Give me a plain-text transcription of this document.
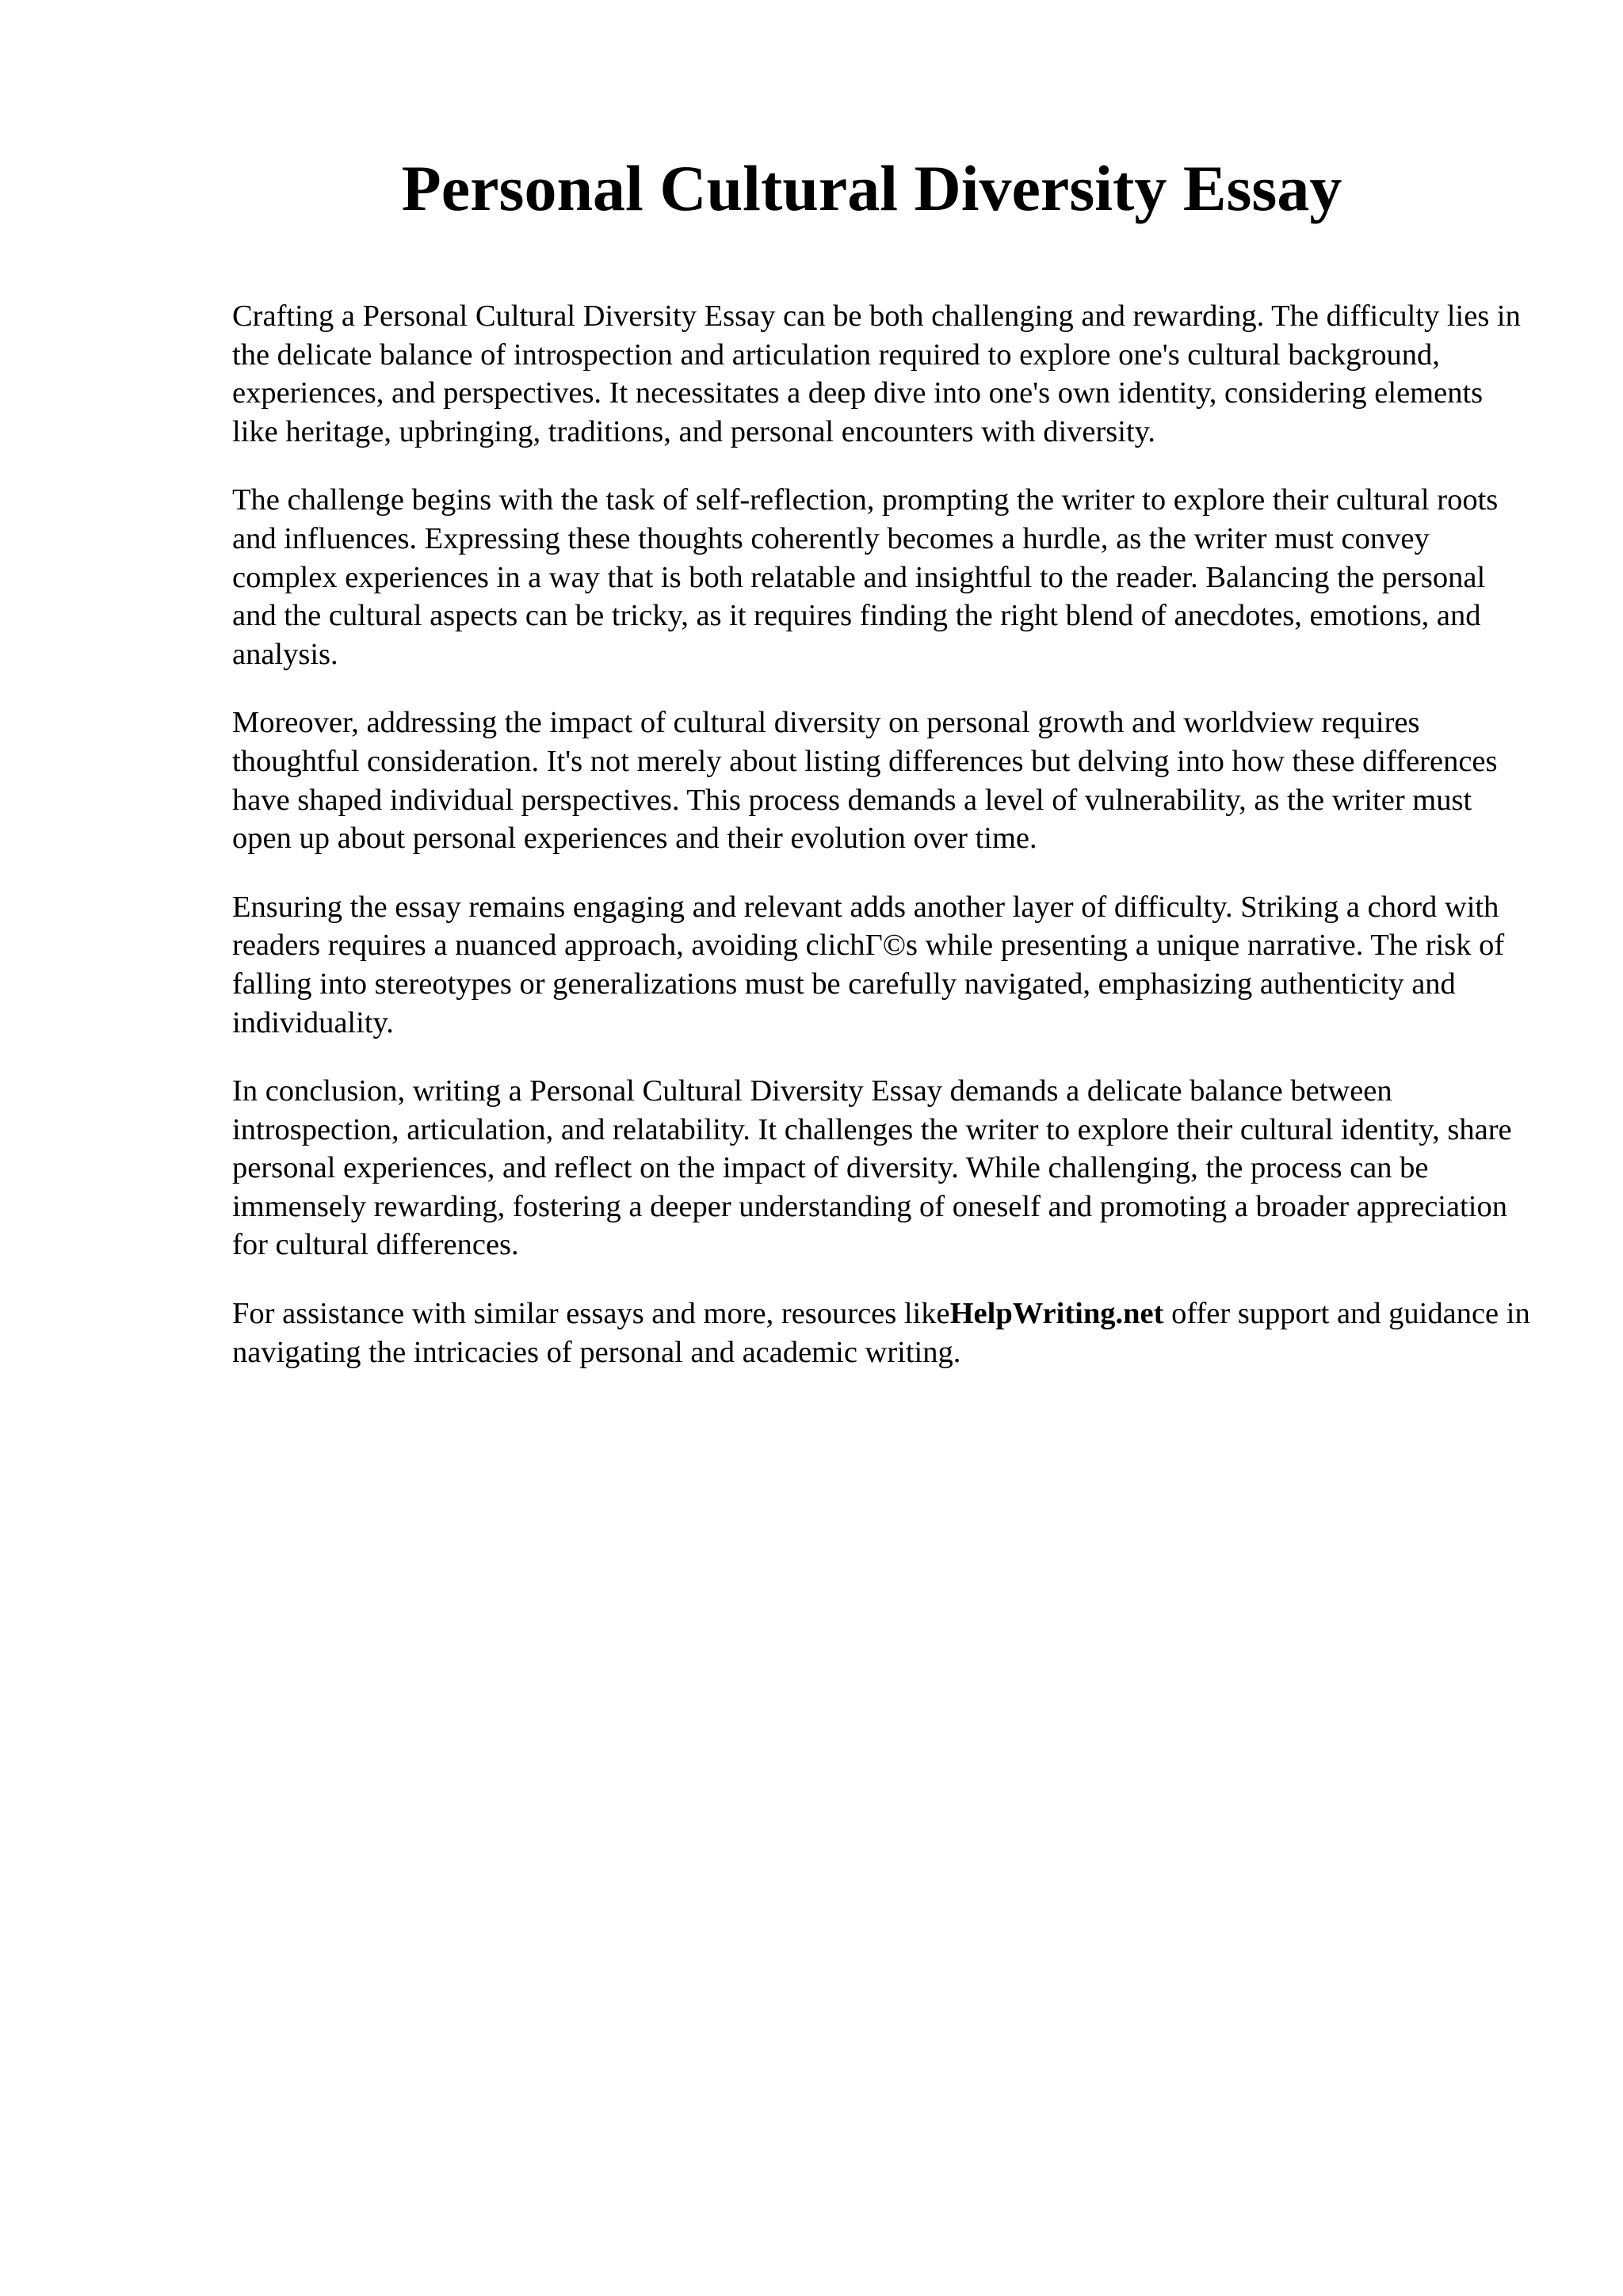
Personal Cultural Diversity Essay

Crafting a Personal Cultural Diversity Essay can be both challenging and rewarding. The difficulty lies in the delicate balance of introspection and articulation required to explore one's cultural background, experiences, and perspectives. It necessitates a deep dive into one's own identity, considering elements like heritage, upbringing, traditions, and personal encounters with diversity.

The challenge begins with the task of self-reflection, prompting the writer to explore their cultural roots and influences. Expressing these thoughts coherently becomes a hurdle, as the writer must convey complex experiences in a way that is both relatable and insightful to the reader. Balancing the personal and the cultural aspects can be tricky, as it requires finding the right blend of anecdotes, emotions, and analysis.

Moreover, addressing the impact of cultural diversity on personal growth and worldview requires thoughtful consideration. It's not merely about listing differences but delving into how these differences have shaped individual perspectives. This process demands a level of vulnerability, as the writer must open up about personal experiences and their evolution over time.

Ensuring the essay remains engaging and relevant adds another layer of difficulty. Striking a chord with readers requires a nuanced approach, avoiding clichΓ©s while presenting a unique narrative. The risk of falling into stereotypes or generalizations must be carefully navigated, emphasizing authenticity and individuality.

In conclusion, writing a Personal Cultural Diversity Essay demands a delicate balance between introspection, articulation, and relatability. It challenges the writer to explore their cultural identity, share personal experiences, and reflect on the impact of diversity. While challenging, the process can be immensely rewarding, fostering a deeper understanding of oneself and promoting a broader appreciation for cultural differences.

For assistance with similar essays and more, resources likeHelpWriting.net offer support and guidance in navigating the intricacies of personal and academic writing.
